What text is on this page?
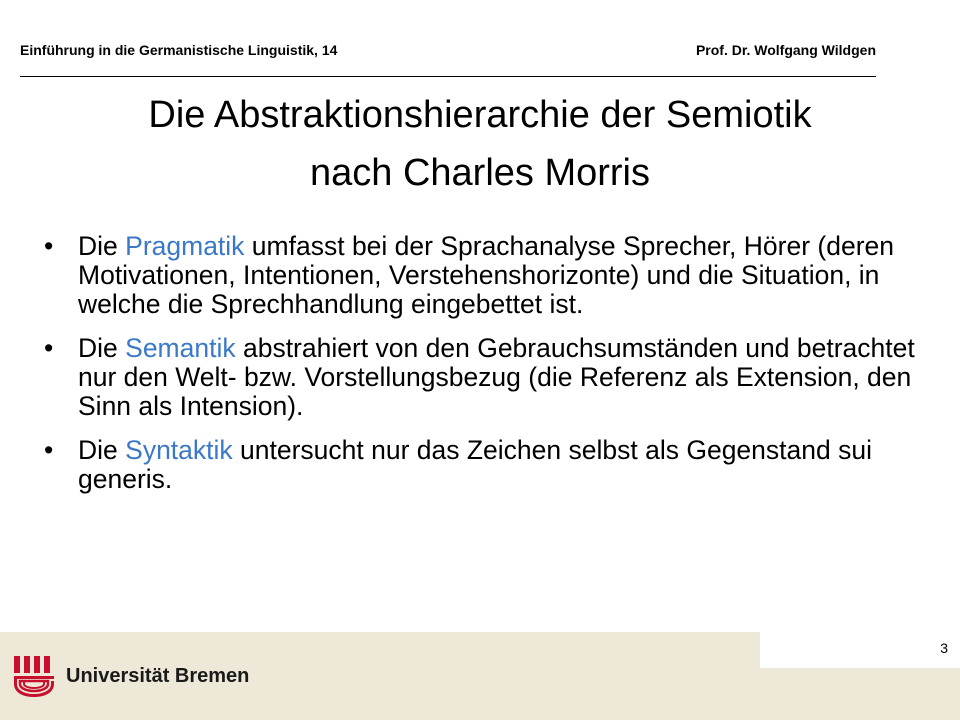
Einführung in die Germanistische Linguistik, 14	Prof. Dr. Wolfgang Wildgen
Die Abstraktionshierarchie der Semiotik
nach Charles Morris
• Die Pragmatik umfasst bei der Sprachanalyse Sprecher, Hörer (deren Motivationen, Intentionen, Verstehenshorizonte) und die Situation, in welche die Sprechhandlung eingebettet ist.
• Die Semantik abstrahiert von den Gebrauchsumständen und betrachtet nur den Welt- bzw. Vorstellungsbezug (die Referenz als Extension, den Sinn als Intension).
• Die Syntaktik untersucht nur das Zeichen selbst als Gegenstand sui generis.
3
Universität Bremen
